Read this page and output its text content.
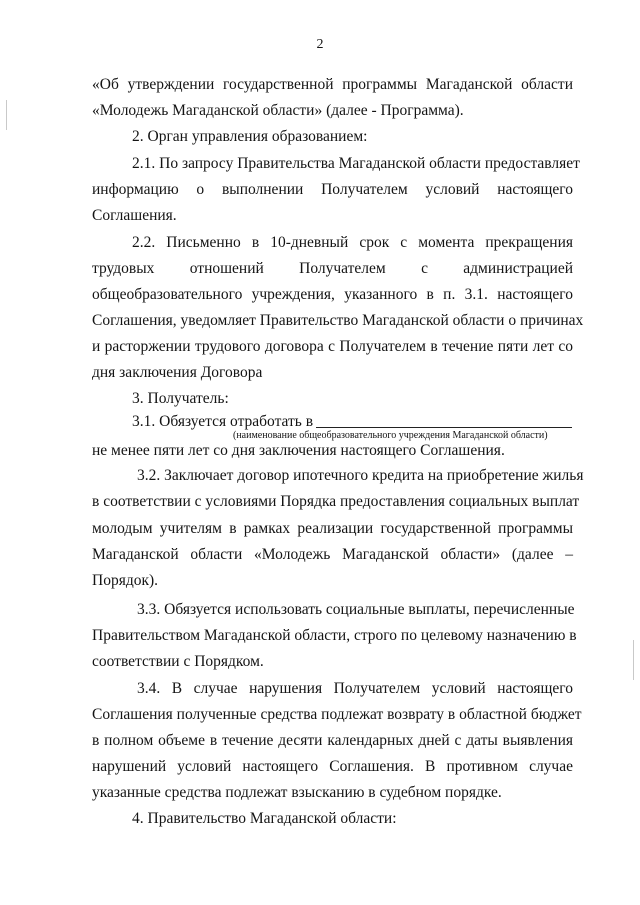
2
«Об утверждении государственной программы Магаданской области
«Молодежь Магаданской области» (далее - Программа).
2. Орган управления образованием:
2.1. По запросу Правительства Магаданской области предоставляет
информацию о выполнении Получателем условий настоящего
Соглашения.
2.2. Письменно в 10-дневный срок с момента прекращения
трудовых отношений Получателем с администрацией
общеобразовательного учреждения, указанного в п. 3.1. настоящего
Соглашения, уведомляет Правительство Магаданской области о причинах
и расторжении трудового договора с Получателем в течение пяти лет со
дня заключения Договора
3. Получатель:
3.1. Обязуется отработать в
(наименование общеобразовательного учреждения Магаданской области)
не менее пяти лет со дня заключения настоящего Соглашения.
3.2. Заключает договор ипотечного кредита на приобретение жилья
в соответствии с условиями Порядка предоставления социальных выплат
молодым учителям в рамках реализации государственной программы
Магаданской области «Молодежь Магаданской области» (далее –
Порядок).
3.3. Обязуется использовать социальные выплаты, перечисленные
Правительством Магаданской области, строго по целевому назначению в
соответствии с Порядком.
3.4. В случае нарушения Получателем условий настоящего
Соглашения полученные средства подлежат возврату в областной бюджет
в полном объеме в течение десяти календарных дней с даты выявления
нарушений условий настоящего Соглашения. В противном случае
указанные средства подлежат взысканию в судебном порядке.
4. Правительство Магаданской области:
